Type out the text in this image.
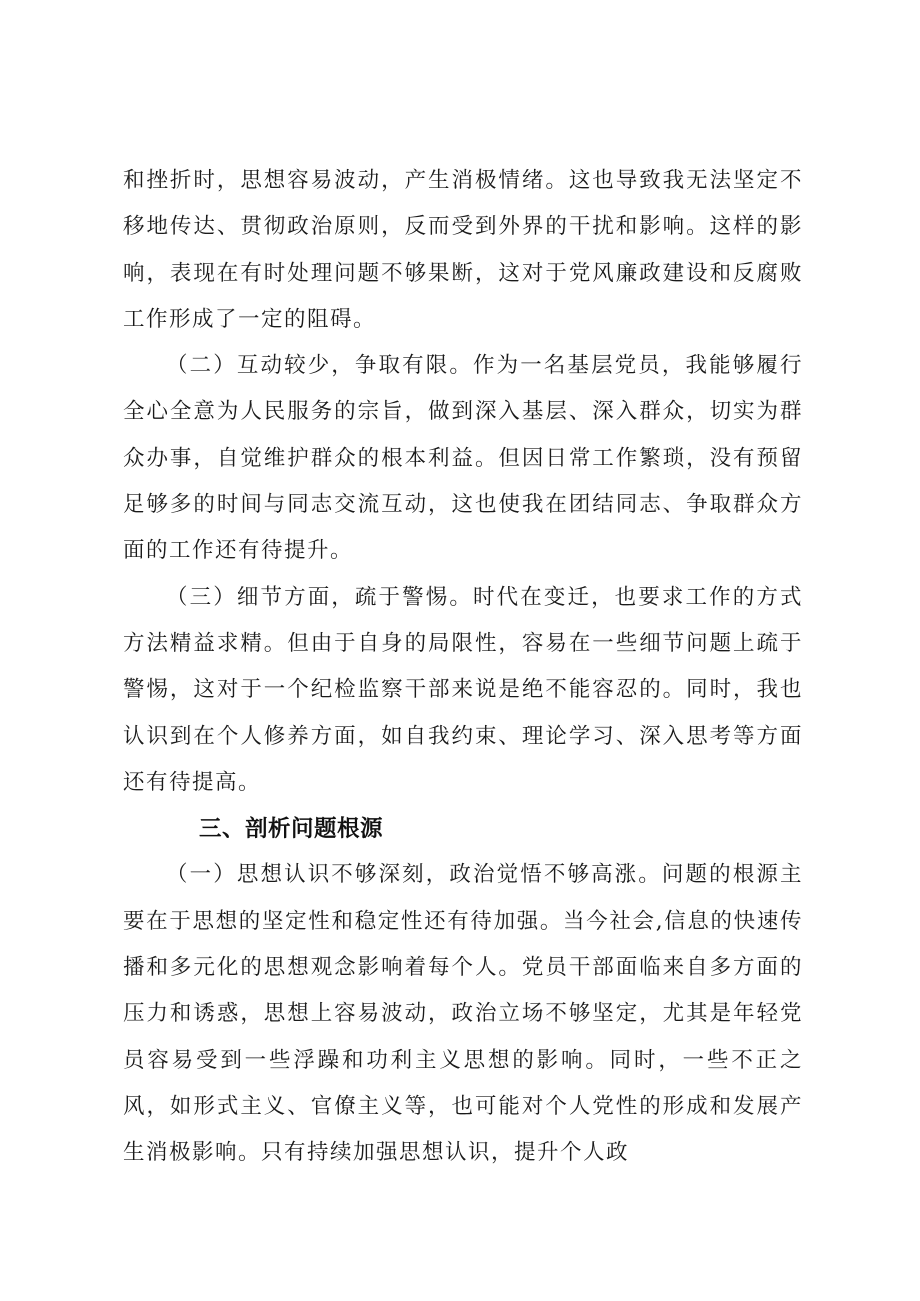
和挫折时，思想容易波动，产生消极情绪。这也导致我无法坚定不移地传达、贯彻政治原则，反而受到外界的干扰和影响。这样的影响，表现在有时处理问题不够果断，这对于党风廉政建设和反腐败工作形成了一定的阻碍。

（二）互动较少，争取有限。作为一名基层党员，我能够履行全心全意为人民服务的宗旨，做到深入基层、深入群众，切实为群众办事，自觉维护群众的根本利益。但因日常工作繁琐，没有预留足够多的时间与同志交流互动，这也使我在团结同志、争取群众方面的工作还有待提升。

（三）细节方面，疏于警惕。时代在变迁，也要求工作的方式方法精益求精。但由于自身的局限性，容易在一些细节问题上疏于警惕，这对于一个纪检监察干部来说是绝不能容忍的。同时，我也认识到在个人修养方面，如自我约束、理论学习、深入思考等方面还有待提高。

三、剖析问题根源

（一）思想认识不够深刻，政治觉悟不够高涨。问题的根源主要在于思想的坚定性和稳定性还有待加强。当今社会,信息的快速传播和多元化的思想观念影响着每个人。党员干部面临来自多方面的压力和诱惑，思想上容易波动，政治立场不够坚定，尤其是年轻党员容易受到一些浮躁和功利主义思想的影响。同时，一些不正之风，如形式主义、官僚主义等，也可能对个人党性的形成和发展产生消极影响。只有持续加强思想认识，提升个人政
